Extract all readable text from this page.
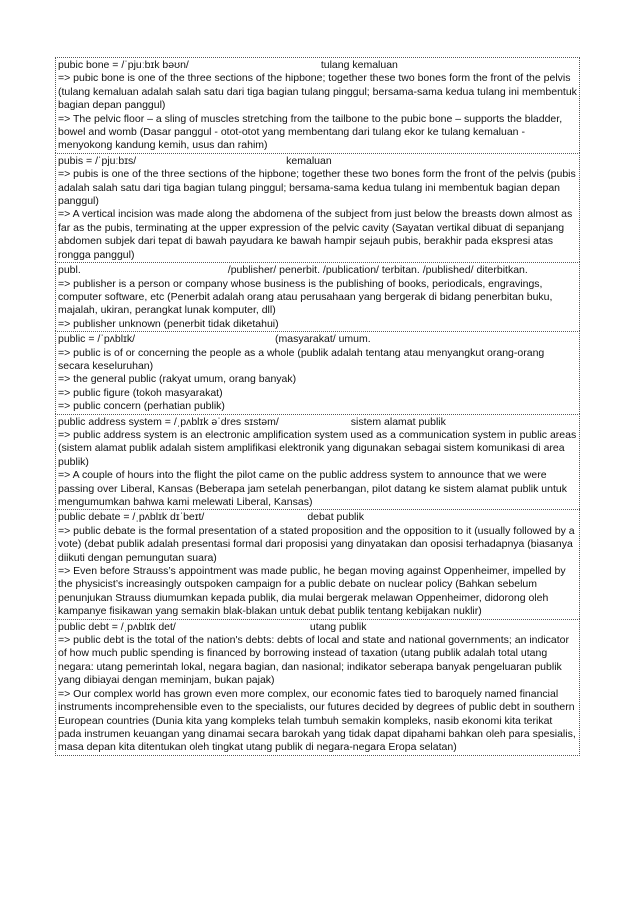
pubic bone = /ˈpjuːbɪk bəʊn/	tulang kemaluan
=> pubic bone is one of the three sections of the hipbone; together these two bones form the front of the pelvis (tulang kemaluan adalah salah satu dari tiga bagian tulang pinggul; bersama-sama kedua tulang ini membentuk bagian depan panggul)
=> The pelvic floor – a sling of muscles stretching from the tailbone to the pubic bone – supports the bladder, bowel and womb (Dasar panggul - otot-otot yang membentang dari tulang ekor ke tulang kemaluan - menyokong kandung kemih, usus dan rahim)
pubis = /ˈpjuːbɪs/	kemaluan
=> pubis is one of the three sections of the hipbone; together these two bones form the front of the pelvis (pubis adalah salah satu dari tiga bagian tulang pinggul; bersama-sama kedua tulang ini membentuk bagian depan panggul)
=> A vertical incision was made along the abdomena of the subject from just below the breasts down almost as far as the pubis, terminating at the upper expression of the pelvic cavity (Sayatan vertikal dibuat di sepanjang abdomen subjek dari tepat di bawah payudara ke bawah hampir sejauh pubis, berakhir pada ekspresi atas rongga panggul)
publ.	/publisher/ penerbit. /publication/ terbitan. /published/ diterbitkan.
=> publisher is a person or company whose business is the publishing of books, periodicals, engravings, computer software, etc (Penerbit adalah orang atau perusahaan yang bergerak di bidang penerbitan buku, majalah, ukiran, perangkat lunak komputer, dll)
=> publisher unknown (penerbit tidak diketahui)
public = /ˈpʌblɪk/	(masyarakat/ umum.
=> public is of or concerning the people as a whole (publik adalah tentang atau menyangkut orang-orang secara keseluruhan)
=> the general public (rakyat umum, orang banyak)
=> public figure (tokoh masyarakat)
=> public concern (perhatian publik)
public address system = /ˌpʌblɪk əˈdres sɪstəm/	sistem alamat publik
=> public address system is an electronic amplification system used as a communication system in public areas (sistem alamat publik adalah sistem amplifikasi elektronik yang digunakan sebagai sistem komunikasi di area publik)
=> A couple of hours into the flight the pilot came on the public address system to announce that we were passing over Liberal, Kansas (Beberapa jam setelah penerbangan, pilot datang ke sistem alamat publik untuk mengumumkan bahwa kami melewati Liberal, Kansas)
public debate = /ˌpʌblɪk dɪˈbeɪt/	debat publik
=> public debate is the formal presentation of a stated proposition and the opposition to it (usually followed by a vote) (debat publik adalah presentasi formal dari proposisi yang dinyatakan dan oposisi terhadapnya (biasanya diikuti dengan pemungutan suara)
=> Even before Strauss’s appointment was made public, he began moving against Oppenheimer, impelled by the physicist’s increasingly outspoken campaign for a public debate on nuclear policy (Bahkan sebelum penunjukan Strauss diumumkan kepada publik, dia mulai bergerak melawan Oppenheimer, didorong oleh kampanye fisikawan yang semakin blak-blakan untuk debat publik tentang kebijakan nuklir)
public debt = /ˌpʌblɪk det/	utang publik
=> public debt is the total of the nation's debts: debts of local and state and national governments; an indicator of how much public spending is financed by borrowing instead of taxation (utang publik adalah total utang negara: utang pemerintah lokal, negara bagian, dan nasional; indikator seberapa banyak pengeluaran publik yang dibiayai dengan meminjam, bukan pajak)
=> Our complex world has grown even more complex, our economic fates tied to baroquely named financial instruments incomprehensible even to the specialists, our futures decided by degrees of public debt in southern European countries (Dunia kita yang kompleks telah tumbuh semakin kompleks, nasib ekonomi kita terikat pada instrumen keuangan yang dinamai secara barokah yang tidak dapat dipahami bahkan oleh para spesialis, masa depan kita ditentukan oleh tingkat utang publik di negara-negara Eropa selatan)
